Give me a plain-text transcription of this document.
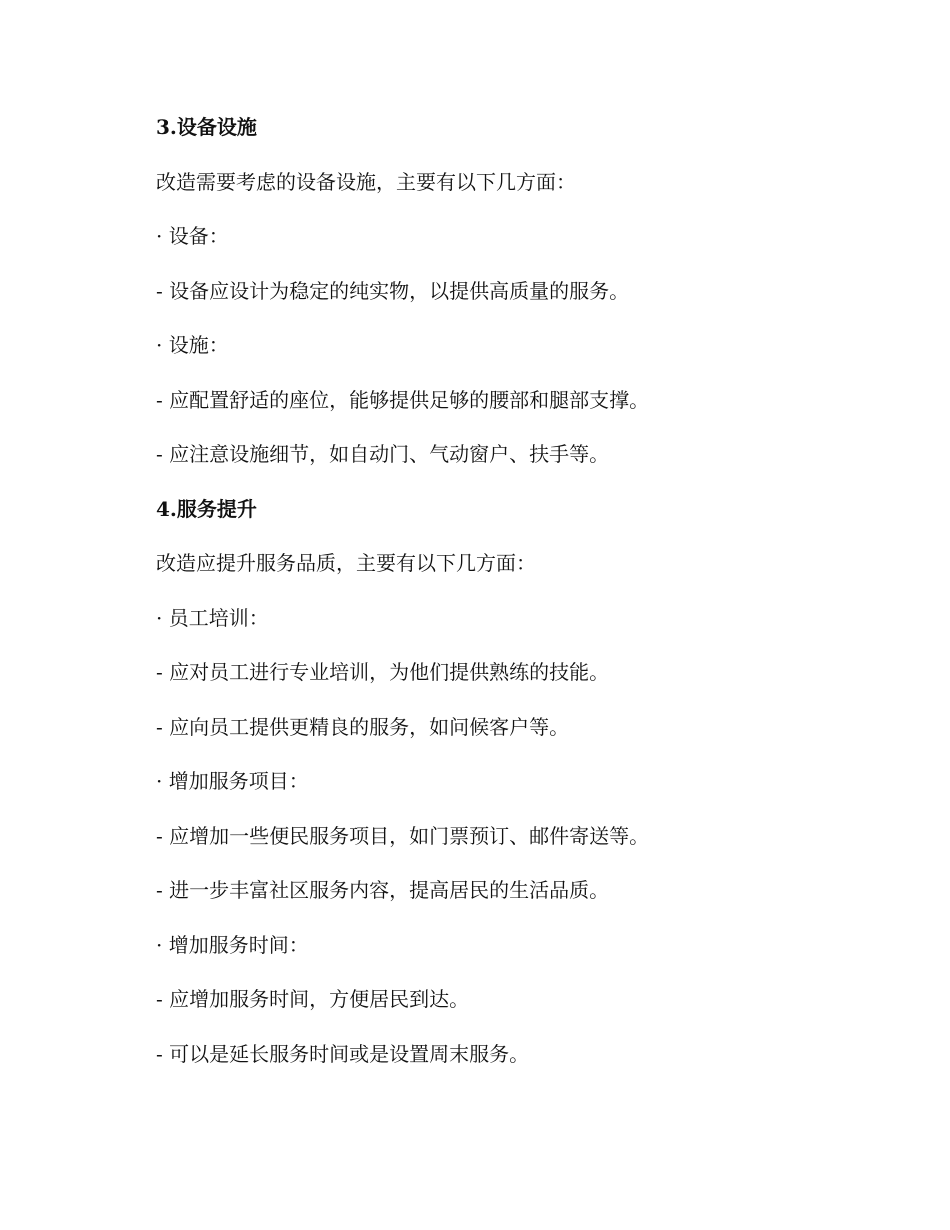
3.设备设施
改造需要考虑的设备设施，主要有以下几方面：
· 设备：
- 设备应设计为稳定的纯实物，以提供高质量的服务。
· 设施：
- 应配置舒适的座位，能够提供足够的腰部和腿部支撑。
- 应注意设施细节，如自动门、气动窗户、扶手等。
4.服务提升
改造应提升服务品质，主要有以下几方面：
· 员工培训：
- 应对员工进行专业培训，为他们提供熟练的技能。
- 应向员工提供更精良的服务，如问候客户等。
· 增加服务项目：
- 应增加一些便民服务项目，如门票预订、邮件寄送等。
- 进一步丰富社区服务内容，提高居民的生活品质。
· 增加服务时间：
- 应增加服务时间，方便居民到达。
- 可以是延长服务时间或是设置周末服务。
